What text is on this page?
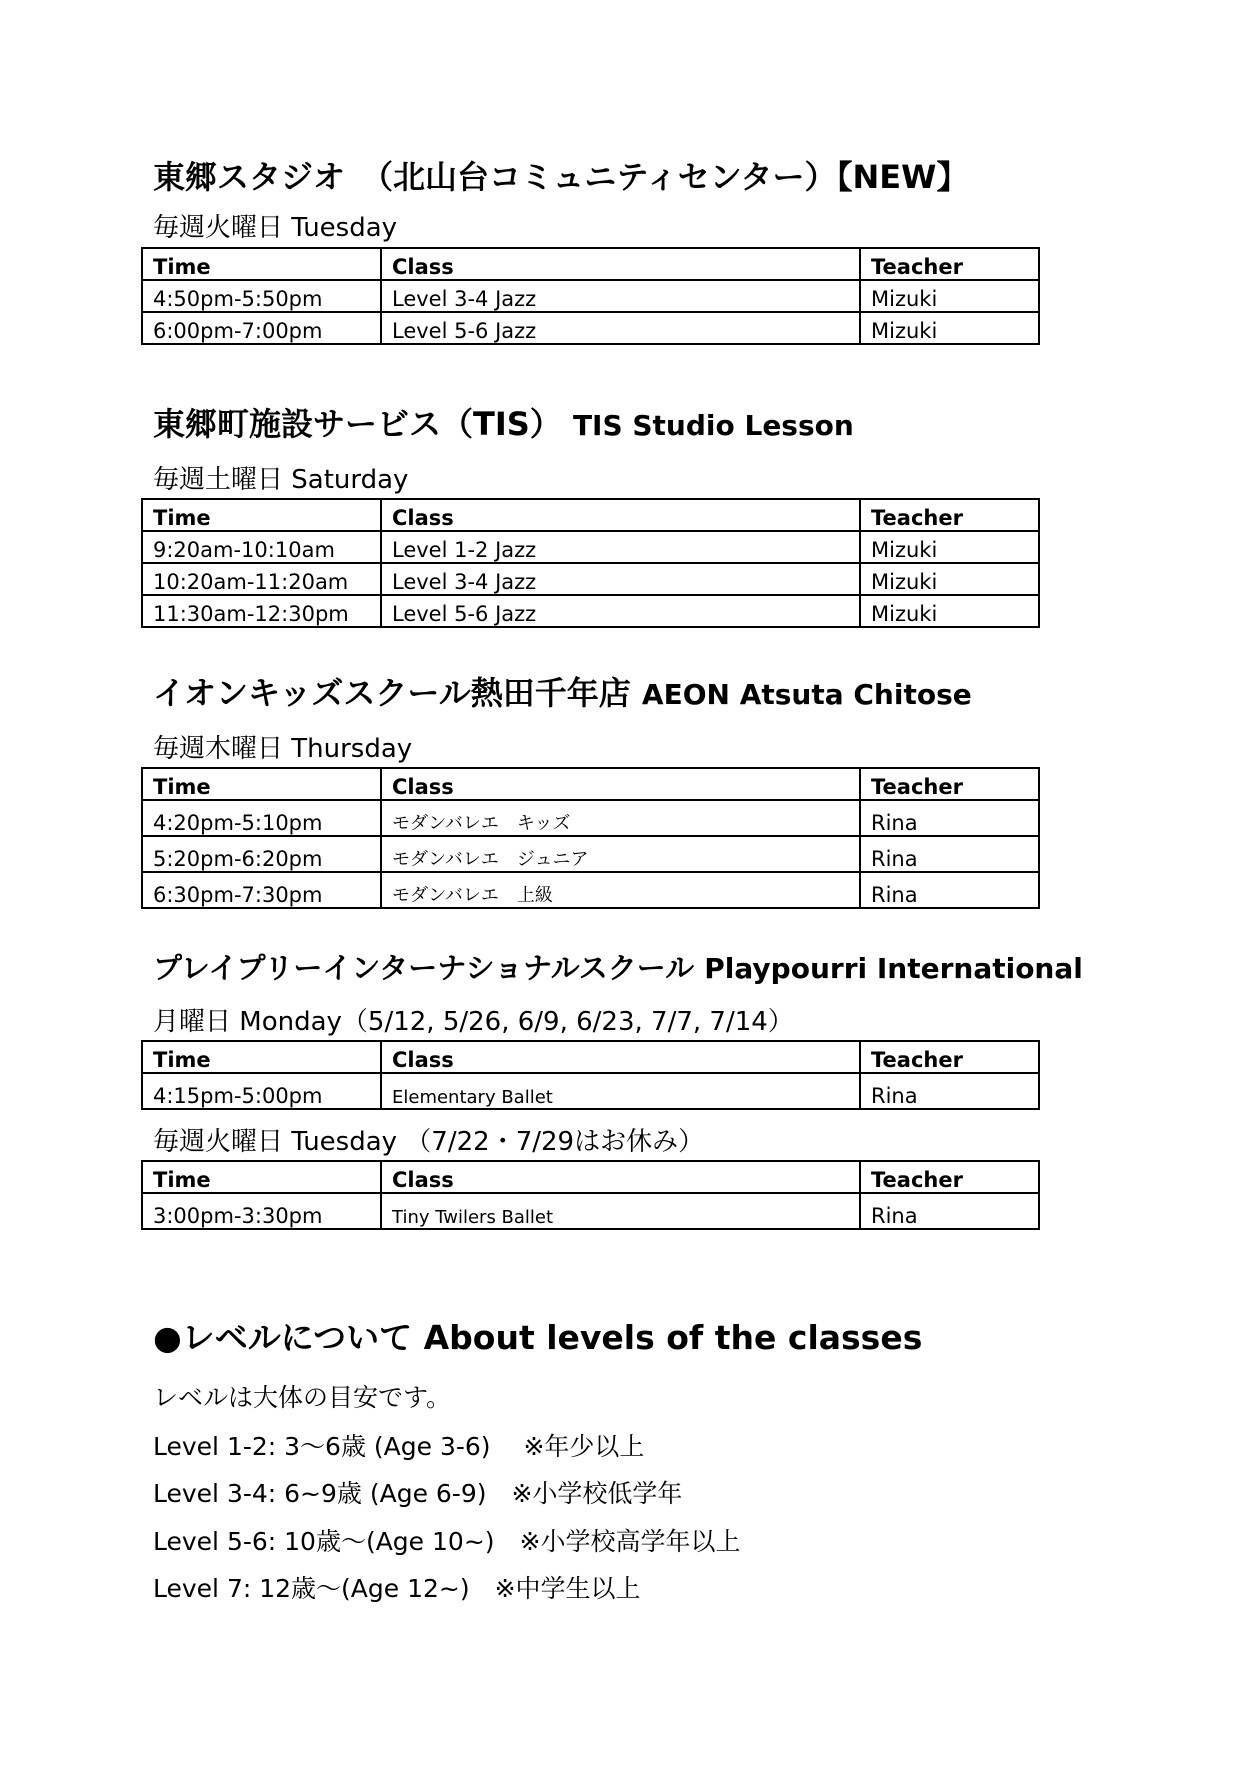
東郷スタジオ　（北山台コミュニティセンター）【NEW】

毎週火曜日 Tuesday

Time	Class	Teacher
4:50pm-5:50pm	Level 3-4 Jazz	Mizuki
6:00pm-7:00pm	Level 5-6 Jazz	Mizuki
東郷町施設サービス（TIS） TIS Studio Lesson

毎週土曜日 Saturday

Time	Class	Teacher
9:20am-10:10am	Level 1-2 Jazz	Mizuki
10:20am-11:20am	Level 3-4 Jazz	Mizuki
11:30am-12:30pm	Level 5-6 Jazz	Mizuki
イオンキッズスクール熱田千年店 AEON Atsuta Chitose

毎週木曜日 Thursday

Time	Class	Teacher
4:20pm-5:10pm	モダンバレエ　キッズ	Rina
5:20pm-6:20pm	モダンバレエ　ジュニア	Rina
6:30pm-7:30pm	モダンバレエ　上級	Rina
プレイプリーインターナショナルスクール Playpourri International

月曜日 Monday（5/12, 5/26, 6/9, 6/23, 7/7, 7/14）

Time	Class	Teacher
4:15pm-5:00pm	Elementary Ballet	Rina

毎週火曜日 Tuesday （7/22・7/29はお休み）

Time	Class	Teacher
3:00pm-3:30pm	Tiny Twilers Ballet	Rina
●レベルについて About levels of the classes

レベルは大体の目安です。

Level 1-2: 3～6歳 (Age 3-6)　 ※年少以上

Level 3-4: 6~9歳 (Age 6-9)　※小学校低学年

Level 5-6: 10歳～(Age 10~)　※小学校高学年以上

Level 7: 12歳～(Age 12~)　※中学生以上
